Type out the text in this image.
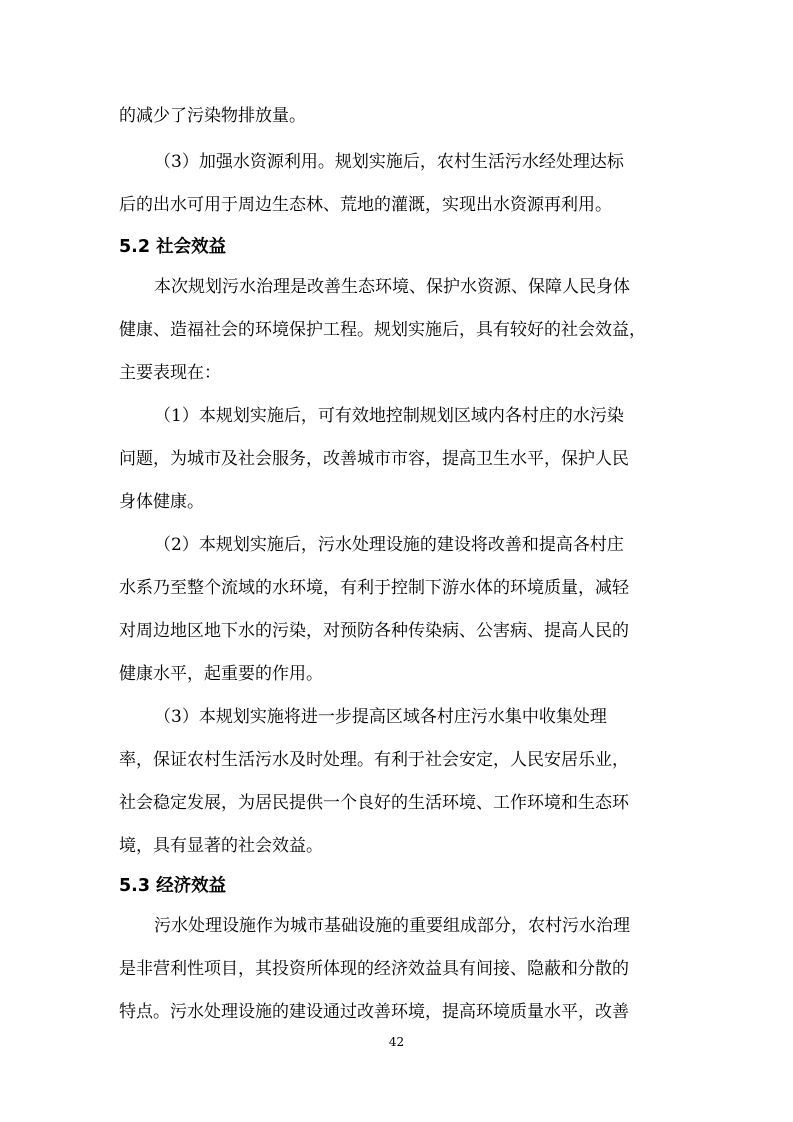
的减少了污染物排放量。
（3）加强水资源利用。规划实施后，农村生活污水经处理达标
后的出水可用于周边生态林、荒地的灌溉，实现出水资源再利用。
5.2 社会效益
本次规划污水治理是改善生态环境、保护水资源、保障人民身体
健康、造福社会的环境保护工程。规划实施后，具有较好的社会效益，
主要表现在：
（1）本规划实施后，可有效地控制规划区域内各村庄的水污染
问题，为城市及社会服务，改善城市市容，提高卫生水平，保护人民
身体健康。
（2）本规划实施后，污水处理设施的建设将改善和提高各村庄
水系乃至整个流域的水环境，有利于控制下游水体的环境质量，减轻
对周边地区地下水的污染，对预防各种传染病、公害病、提高人民的
健康水平，起重要的作用。
（3）本规划实施将进一步提高区域各村庄污水集中收集处理
率，保证农村生活污水及时处理。有利于社会安定，人民安居乐业，
社会稳定发展，为居民提供一个良好的生活环境、工作环境和生态环
境，具有显著的社会效益。
5.3 经济效益
污水处理设施作为城市基础设施的重要组成部分，农村污水治理
是非营利性项目，其投资所体现的经济效益具有间接、隐蔽和分散的
特点。污水处理设施的建设通过改善环境，提高环境质量水平，改善
42
